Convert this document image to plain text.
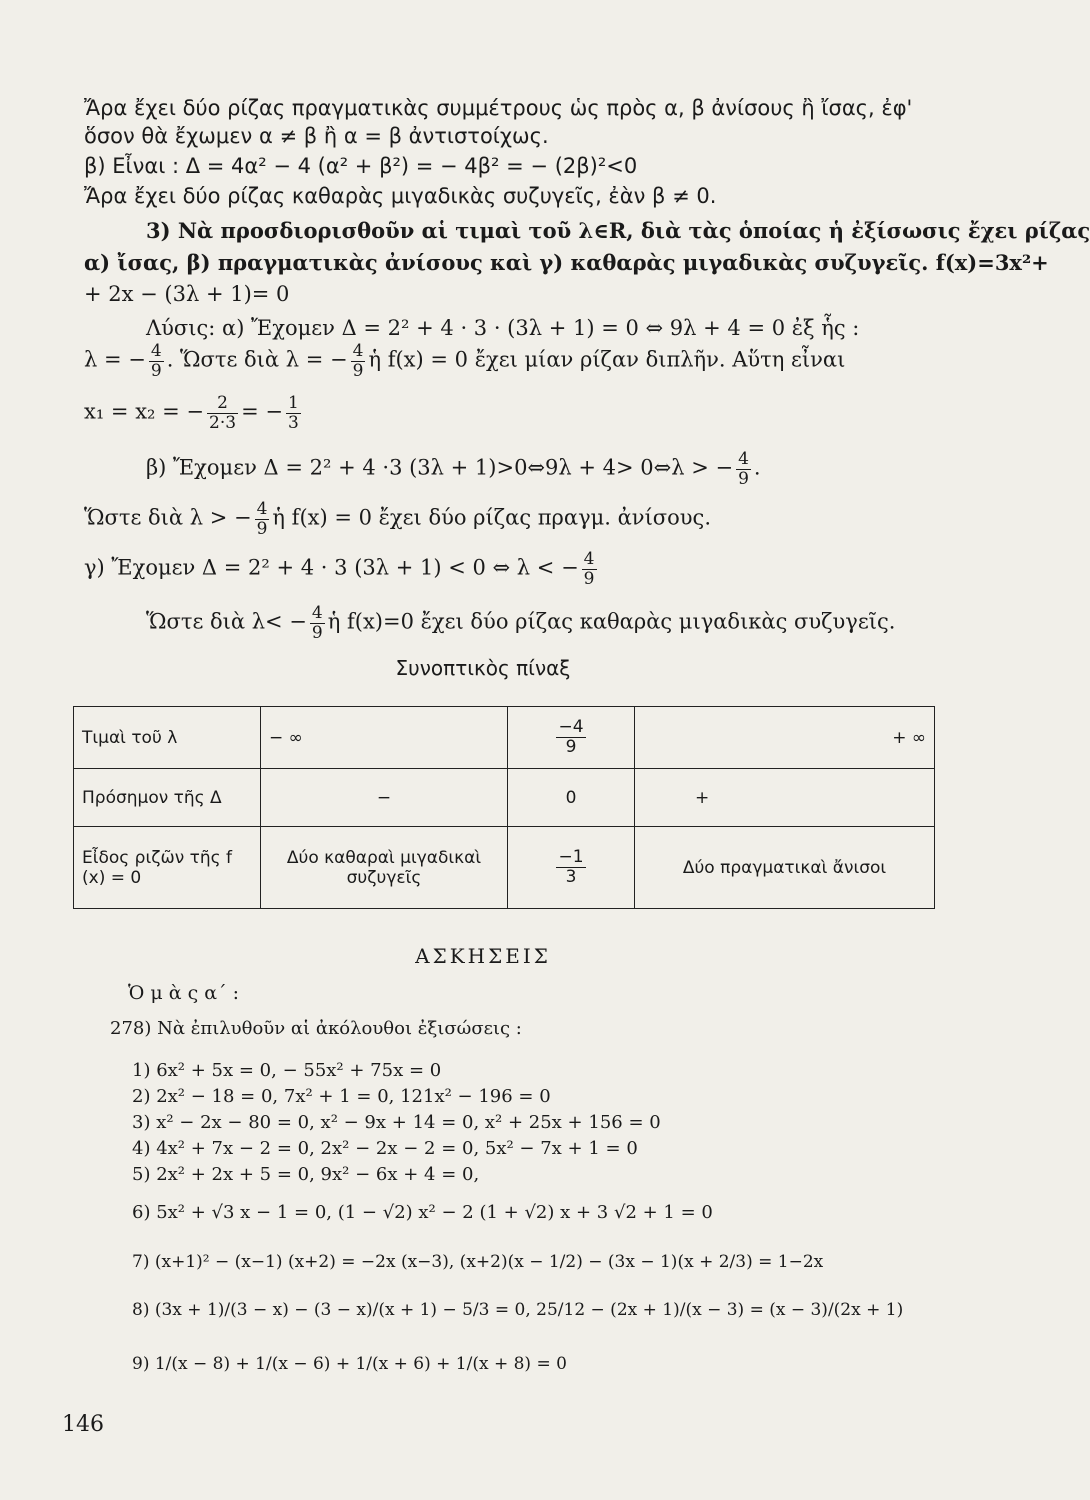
Ἄρα ἔχει δύο ρίζας πραγματικὰς συμμέτρους ὡς πρὸς α, β ἀνίσους ἢ ἴσας, ἐφ'
ὅσον θὰ ἔχωμεν α ≠ β ἢ α = β ἀντιστοίχως.
β) Εἶναι : Δ = 4α² − 4 (α² + β²) = − 4β² = − (2β)²<0
Ἄρα ἔχει δύο ρίζας καθαρὰς μιγαδικὰς συζυγεῖς, ἐὰν β ≠ 0.
3) Νὰ προσδιορισθοῦν αἱ τιμαὶ τοῦ λ∈R, διὰ τὰς ὁποίας ἡ ἐξίσωσις ἔχει ρίζας
α) ἴσας, β) πραγματικὰς ἀνίσους καὶ γ) καθαρὰς μιγαδικὰς συζυγεῖς. f(x)=3x²+
+ 2x − (3λ + 1)= 0
Λύσις: α) Ἔχομεν Δ = 2² + 4 · 3 · (3λ + 1) = 0 ⇔ 9λ + 4 = 0 ἐξ ἧς :
λ = − $\frac{4}{9}$ . Ὥστε διὰ λ = − $\frac{4}{9}$ ἡ f(x) = 0 ἔχει μίαν ρίζαν διπλῆν. Αὕτη εἶναι
x₁ = x₂ = − $\frac{2}{2\cdot 3}$ = − $\frac{1}{3}$
β) Ἔχομεν Δ = 2² + 4 ·3 (3λ + 1)>0⇔9λ + 4> 0⇔λ > − $\frac{4}{9}$ .
Ὥστε διὰ λ > − $\frac{4}{9}$ ἡ f(x) = 0 ἔχει δύο ρίζας πραγμ. ἀνίσους.
γ) Ἔχομεν Δ = 2² + 4 · 3 (3λ + 1) < 0 ⇔ λ < − $\frac{4}{9}$
Ὥστε διὰ $\lambda< - \frac{4}{9}$ ἡ f(x)=0 ἔχει δύο ρίζας καθαρὰς μιγαδικὰς συζυγεῖς.
Συνοπτικὸς πίναξ
Τιμαὶ τοῦ λ	− ∞	$\frac{-4}{9}$	+ ∞
Πρόσημον τῆς Δ	−	0	+
Εἶδος ριζῶν τῆς f (x) = 0	Δύο καθαραὶ μιγαδικαὶ συζυγεῖς	$\frac{-1}{3}$	Δύο πραγματικαὶ ἄνισοι
ΑΣΚΗΣΕΙΣ
Ὁ μ ὰ ς α΄ :
278) Νὰ ἐπιλυθοῦν αἱ ἀκόλουθοι ἐξισώσεις :
1) 6x² + 5x = 0, − 55x² + 75x = 0
2) 2x² − 18 = 0, 7x² + 1 = 0, 121x² − 196 = 0
3) x² − 2x − 80 = 0, x² − 9x + 14 = 0, x² + 25x + 156 = 0
4) 4x² + 7x − 2 = 0, 2x² − 2x − 2 = 0, 5x² − 7x + 1 = 0
5) 2x² + 2x + 5 = 0, 9x² − 6x + 4 = 0,
6) 5x² + √3 x − 1 = 0, (1 − √2) x² − 2 (1 + √2) x + 3 √2 + 1 = 0
7) (x+1)² − (x−1) (x+2) = −2x (x−3), (x+2)(x − 1/2) − (3x − 1)(x + 2/3) = 1−2x
8) (3x + 1)/(3 − x) − (3 − x)/(x + 1) − 5/3 = 0, 25/12 − (2x + 1)/(x − 3) = (x − 3)/(2x + 1)
9) 1/(x − 8) + 1/(x − 6) + 1/(x + 6) + 1/(x + 8) = 0
146
